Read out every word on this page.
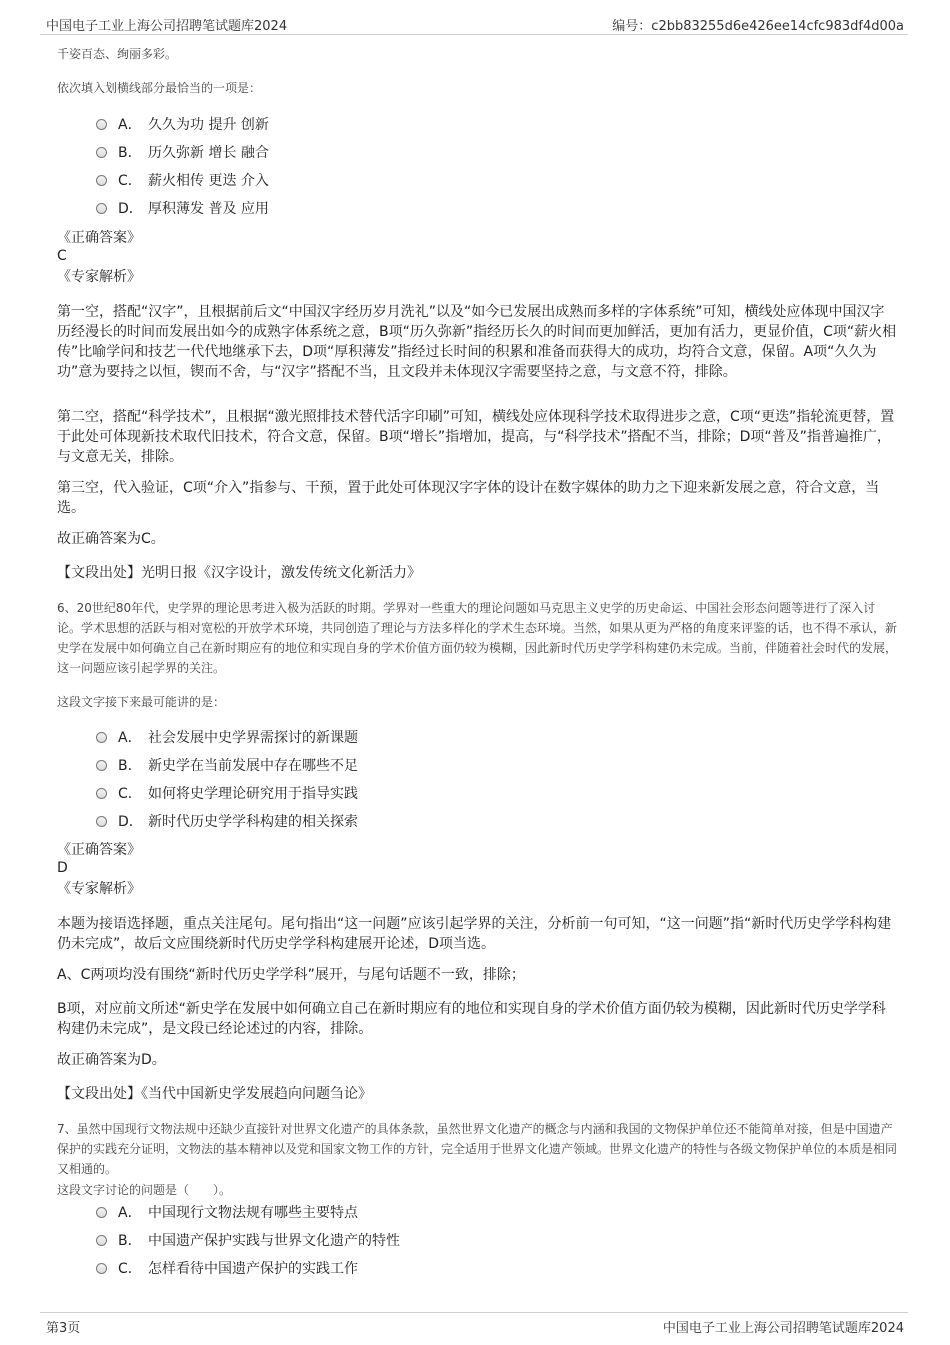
中国电子工业上海公司招聘笔试题库2024	编号：c2bb83255d6e426ee14cfc983df4d00a

千姿百态、绚丽多彩。

依次填入划横线部分最恰当的一项是：

A． 久久为功 提升 创新
B． 历久弥新 增长 融合
C． 薪火相传 更迭 介入
D． 厚积薄发 普及 应用

《正确答案》

C

《专家解析》

第一空，搭配“汉字”，且根据前后文“中国汉字经历岁月洗礼”以及“如今已发展出成熟而多样的字体系统”可知，横线处应体现中国汉字历经漫长的时间而发展出如今的成熟字体系统之意，B项“历久弥新”指经历长久的时间而更加鲜活，更加有活力，更显价值，C项“薪火相传”比喻学问和技艺一代代地继承下去，D项“厚积薄发”指经过长时间的积累和准备而获得大的成功，均符合文意，保留。A项“久久为功”意为要持之以恒，锲而不舍，与“汉字”搭配不当，且文段并未体现汉字需要坚持之意，与文意不符，排除。

第二空，搭配“科学技术”，且根据“激光照排技术替代活字印刷”可知，横线处应体现科学技术取得进步之意，C项“更迭”指轮流更替，置于此处可体现新技术取代旧技术，符合文意，保留。B项“增长”指增加，提高，与“科学技术”搭配不当，排除；D项“普及”指普遍推广，与文意无关，排除。

第三空，代入验证，C项“介入”指参与、干预，置于此处可体现汉字字体的设计在数字媒体的助力之下迎来新发展之意，符合文意，当选。

故正确答案为C。

【文段出处】光明日报《汉字设计，激发传统文化新活力》

6、20世纪80年代，史学界的理论思考进入极为活跃的时期。学界对一些重大的理论问题如马克思主义史学的历史命运、中国社会形态问题等进行了深入讨论。学术思想的活跃与相对宽松的开放学术环境，共同创造了理论与方法多样化的学术生态环境。当然，如果从更为严格的角度来评鉴的话，也不得不承认，新史学在发展中如何确立自己在新时期应有的地位和实现自身的学术价值方面仍较为模糊，因此新时代历史学学科构建仍未完成。当前，伴随着社会时代的发展，这一问题应该引起学界的关注。

这段文字接下来最可能讲的是：

A． 社会发展中史学界需探讨的新课题
B． 新史学在当前发展中存在哪些不足
C． 如何将史学理论研究用于指导实践
D． 新时代历史学学科构建的相关探索

《正确答案》

D

《专家解析》

本题为接语选择题，重点关注尾句。尾句指出“这一问题”应该引起学界的关注，分析前一句可知，“这一问题”指“新时代历史学学科构建仍未完成”，故后文应围绕新时代历史学学科构建展开论述，D项当选。

A、C两项均没有围绕“新时代历史学学科”展开，与尾句话题不一致，排除；

B项，对应前文所述“新史学在发展中如何确立自己在新时期应有的地位和实现自身的学术价值方面仍较为模糊，因此新时代历史学学科构建仍未完成”，是文段已经论述过的内容，排除。

故正确答案为D。

【文段出处】《当代中国新史学发展趋向问题刍论》

7、虽然中国现行文物法规中还缺少直接针对世界文化遗产的具体条款，虽然世界文化遗产的概念与内涵和我国的文物保护单位还不能简单对接，但是中国遗产保护的实践充分证明，文物法的基本精神以及党和国家文物工作的方针，完全适用于世界文化遗产领域。世界文化遗产的特性与各级文物保护单位的本质是相同又相通的。

这段文字讨论的问题是（　　）。

A． 中国现行文物法规有哪些主要特点
B． 中国遗产保护实践与世界文化遗产的特性
C． 怎样看待中国遗产保护的实践工作
第3页	中国电子工业上海公司招聘笔试题库2024
